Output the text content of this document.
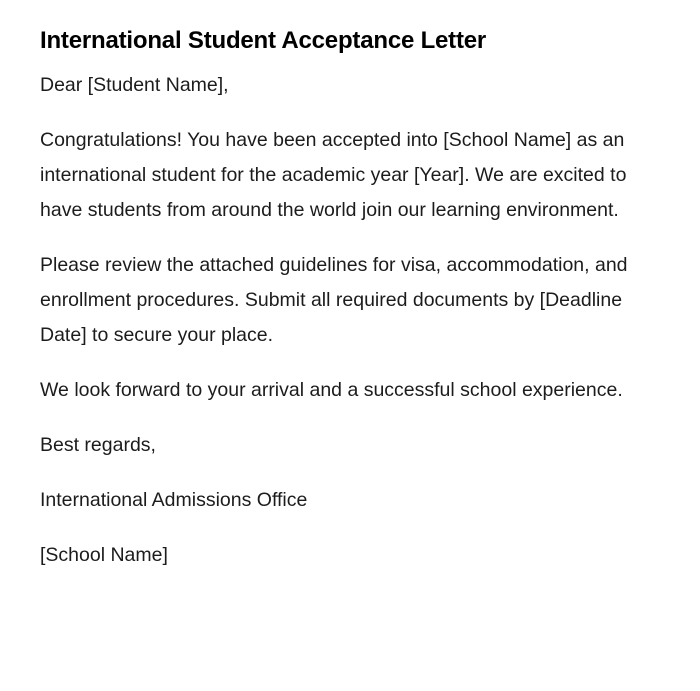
International Student Acceptance Letter

Dear [Student Name],

Congratulations! You have been accepted into [School Name] as an international student for the academic year [Year]. We are excited to have students from around the world join our learning environment.

Please review the attached guidelines for visa, accommodation, and enrollment procedures. Submit all required documents by [Deadline Date] to secure your place.

We look forward to your arrival and a successful school experience.

Best regards,

International Admissions Office

[School Name]
